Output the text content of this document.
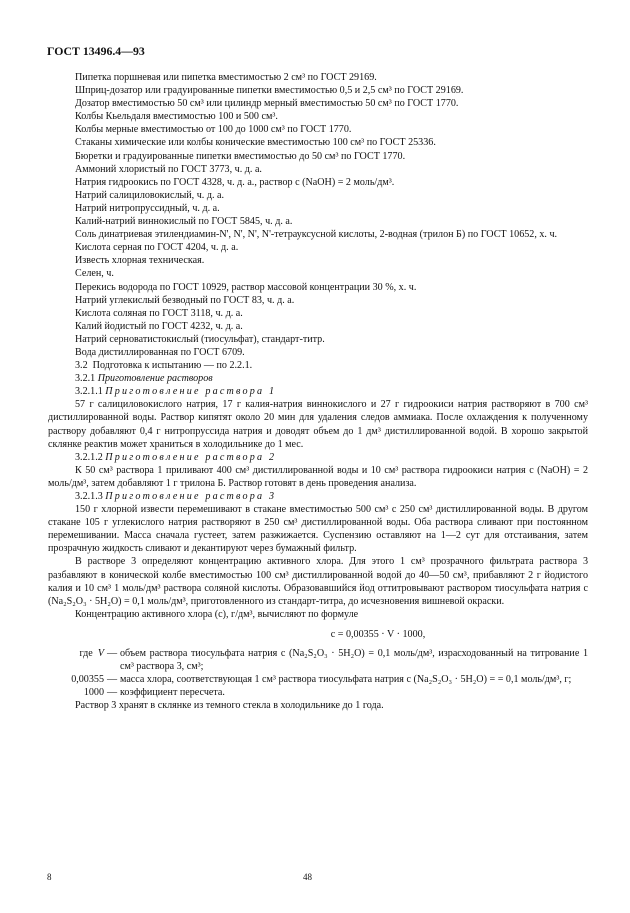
ГОСТ 13496.4—93

Пипетка поршневая или пипетка вместимостью 2 см³ по ГОСТ 29169.

Шприц-дозатор или градуированные пипетки вместимостью 0,5 и 2,5 см³ по ГОСТ 29169.

Дозатор вместимостью 50 см³ или цилиндр мерный вместимостью 50 см³ по ГОСТ 1770.

Колбы Кьельдаля вместимостью 100 и 500 см³.

Колбы мерные вместимостью от 100 до 1000 см³ по ГОСТ 1770.

Стаканы химические или колбы конические вместимостью 100 см³ по ГОСТ 25336.

Бюретки и градуированные пипетки вместимостью до 50 см³ по ГОСТ 1770.

Аммоний хлористый по ГОСТ 3773, ч. д. а.

Натрия гидроокись по ГОСТ 4328, ч. д. а., раствор c (NaOH) = 2 моль/дм³.

Натрий салициловокислый, ч. д. а.

Натрий нитропруссидный, ч. д. а.

Калий-натрий виннокислый по ГОСТ 5845, ч. д. а.

Соль динатриевая этилендиамин-N', N', N', N'-тетрауксусной кислоты, 2-водная (трилон Б) по ГОСТ 10652, х. ч.

Кислота серная по ГОСТ 4204, ч. д. а.

Известь хлорная техническая.

Селен, ч.

Перекись водорода по ГОСТ 10929, раствор массовой концентрации 30 %, х. ч.

Натрий углекислый безводный по ГОСТ 83, ч. д. а.

Кислота соляная по ГОСТ 3118, ч. д. а.

Калий йодистый по ГОСТ 4232, ч. д. а.

Натрий серноватистокислый (тиосульфат), стандарт-титр.

Вода дистиллированная по ГОСТ 6709.

3.2 Подготовка к испытанию — по 2.2.1.

3.2.1 Приготовление растворов

3.2.1.1 Приготовление раствора 1

57 г салициловокислого натрия, 17 г калия-натрия виннокислого и 27 г гидроокиси натрия растворяют в 700 см³ дистиллированной воды. Раствор кипятят около 20 мин для удаления следов аммиака. После охлаждения к полученному раствору добавляют 0,4 г нитропруссида натрия и доводят объем до 1 дм³ дистиллированной водой. В хорошо закрытой склянке реактив может храниться в холодильнике до 1 мес.

3.2.1.2 Приготовление раствора 2

К 50 см³ раствора 1 приливают 400 см³ дистиллированной воды и 10 см³ раствора гидроокиси натрия c (NaOH) = 2 моль/дм³, затем добавляют 1 г трилона Б. Раствор готовят в день проведения анализа.

3.2.1.3 Приготовление раствора 3

150 г хлорной извести перемешивают в стакане вместимостью 500 см³ с 250 см³ дистиллированной воды. В другом стакане 105 г углекислого натрия растворяют в 250 см³ дистиллированной воды. Оба раствора сливают при постоянном перемешивании. Масса сначала густеет, затем разжижается. Суспензию оставляют на 1—2 сут для отстаивания, затем прозрачную жидкость сливают и декантируют через бумажный фильтр.

В растворе 3 определяют концентрацию активного хлора. Для этого 1 см³ прозрачного фильтрата раствора 3 разбавляют в конической колбе вместимостью 100 см³ дистиллированной водой до 40—50 см³, прибавляют 2 г йодистого калия и 10 см³ 1 моль/дм³ раствора соляной кислоты. Образовавшийся йод оттитровывают раствором тиосульфата натрия c (Na₂S₂O₃ · 5H₂O) = 0,1 моль/дм³, приготовленного из стандарт-титра, до исчезновения вишневой окраски.

Концентрацию активного хлора (c), г/дм³, вычисляют по формуле

c = 0,00355 · V · 1000,
где V — объем раствора тиосульфата натрия c (Na₂S₂O₃ · 5H₂O) = 0,1 моль/дм³, израсходованный на титрование 1 см³ раствора 3, см³;
0,00355 — масса хлора, соответствующая 1 см³ раствора тиосульфата натрия c (Na₂S₂O₃ · 5H₂O) = = 0,1 моль/дм³, г;
1000 — коэффициент пересчета.

Раствор 3 хранят в склянке из темного стекла в холодильнике до 1 года.

8	48
